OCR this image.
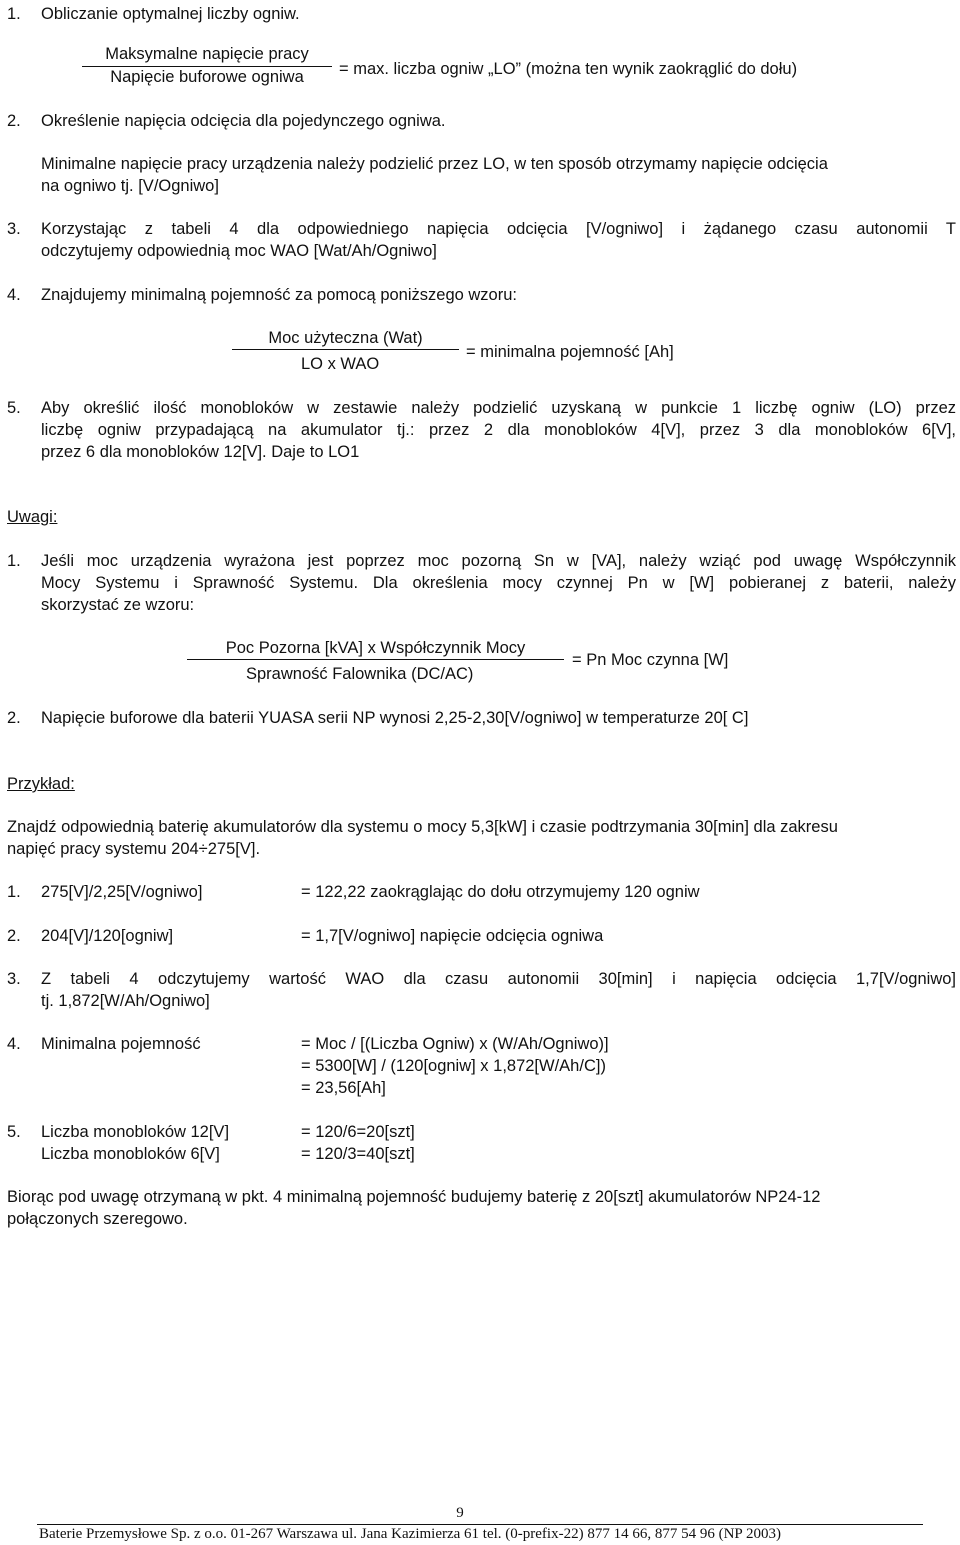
1. Obliczanie optymalnej liczby ogniw.
Maksymalne napięcie pracy
Napięcie buforowe ogniwa	= max. liczba ogniw „LO” (można ten wynik zaokrąglić do dołu)
2. Określenie napięcia odcięcia dla pojedynczego ogniwa.
Minimalne napięcie pracy urządzenia należy podzielić przez LO, w ten sposób otrzymamy napięcie odcięcia
na ogniwo tj. [V/Ogniwo]
3. Korzystając z tabeli 4 dla odpowiedniego napięcia odcięcia [V/ogniwo] i żądanego czasu autonomii T
odczytujemy odpowiednią moc WAO [Wat/Ah/Ogniwo]
4. Znajdujemy minimalną pojemność za pomocą poniższego wzoru:
Moc użyteczna (Wat)
LO x WAO
= minimalna pojemność [Ah]
5. Aby określić ilość monobloków w zestawie należy podzielić uzyskaną w punkcie 1 liczbę ogniw (LO) przez
liczbę ogniw przypadającą na akumulator tj.: przez 2 dla monobloków 4[V], przez 3 dla monobloków 6[V],
przez 6 dla monobloków 12[V]. Daje to LO1
Uwagi:
1. Jeśli moc urządzenia wyrażona jest poprzez moc pozorną Sn w [VA], należy wziąć pod uwagę Współczynnik
Mocy Systemu i Sprawność Systemu. Dla określenia mocy czynnej Pn w [W] pobieranej z baterii, należy
skorzystać ze wzoru:
Poc Pozorna [kVA] x Współczynnik Mocy
Sprawność Falownika (DC/AC)
= Pn Moc czynna [W]
2. Napięcie buforowe dla baterii YUASA serii NP wynosi 2,25-2,30[V/ogniwo] w temperaturze 20[ C]
Przykład:
Znajdź odpowiednią baterię akumulatorów dla systemu o mocy 5,3[kW] i czasie podtrzymania 30[min] dla zakresu
napięć pracy systemu 204÷275[V].
1. 275[V]/2,25[V/ogniwo]	= 122,22 zaokrąglając do dołu otrzymujemy 120 ogniw
2. 204[V]/120[ogniw]	= 1,7[V/ogniwo] napięcie odcięcia ogniwa
3. Z tabeli 4 odczytujemy wartość WAO dla czasu autonomii 30[min] i napięcia odcięcia 1,7[V/ogniwo]
tj. 1,872[W/Ah/Ogniwo]
4. Minimalna pojemność	= Moc / [(Liczba Ogniw) x (W/Ah/Ogniwo)]
= 5300[W] / (120[ogniw] x 1,872[W/Ah/C])
= 23,56[Ah]
5. Liczba monobloków 12[V]	= 120/6=20[szt]
Liczba monobloków 6[V]	= 120/3=40[szt]
Biorąc pod uwagę otrzymaną w pkt. 4 minimalną pojemność budujemy baterię z 20[szt] akumulatorów NP24-12
połączonych szeregowo.
9
Baterie Przemysłowe Sp. z o.o. 01-267 Warszawa ul. Jana Kazimierza 61 tel. (0-prefix-22) 877 14 66, 877 54 96 (NP 2003)
